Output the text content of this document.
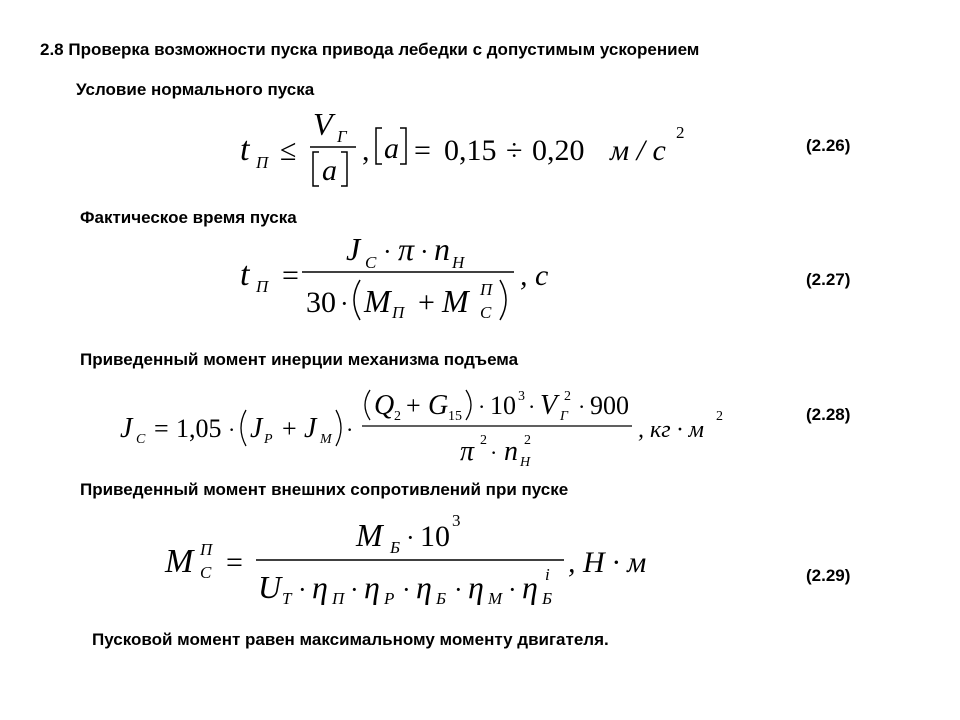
2.8 Проверка возможности пуска привода лебедки с допустимым ускорением
Условие нормального пуска
Фактическое время пуска
Приведенный момент инерции механизма подъема
Приведенный момент внешних сопротивлений при пуске
(2.26)
(2.27)
(2.28)
(2.29)
t П ≤
V Г
a
, a = 0,15 ÷ 0,20 м / с
2
t П =
J С · π · n Н
30 · M П + M П
С
, с
J С = 1,05 · J Р + J М ·
Q 2 + G 15 · 10 3 · V 2
Г · 900
π 2 · n 2
Н
, кг · м
2
M П
С =
M Б · 10 3
U Т · η П · η Р · η Б · η М · η i
Б
, Н · м
Пусковой момент равен максимальному моменту двигателя.
